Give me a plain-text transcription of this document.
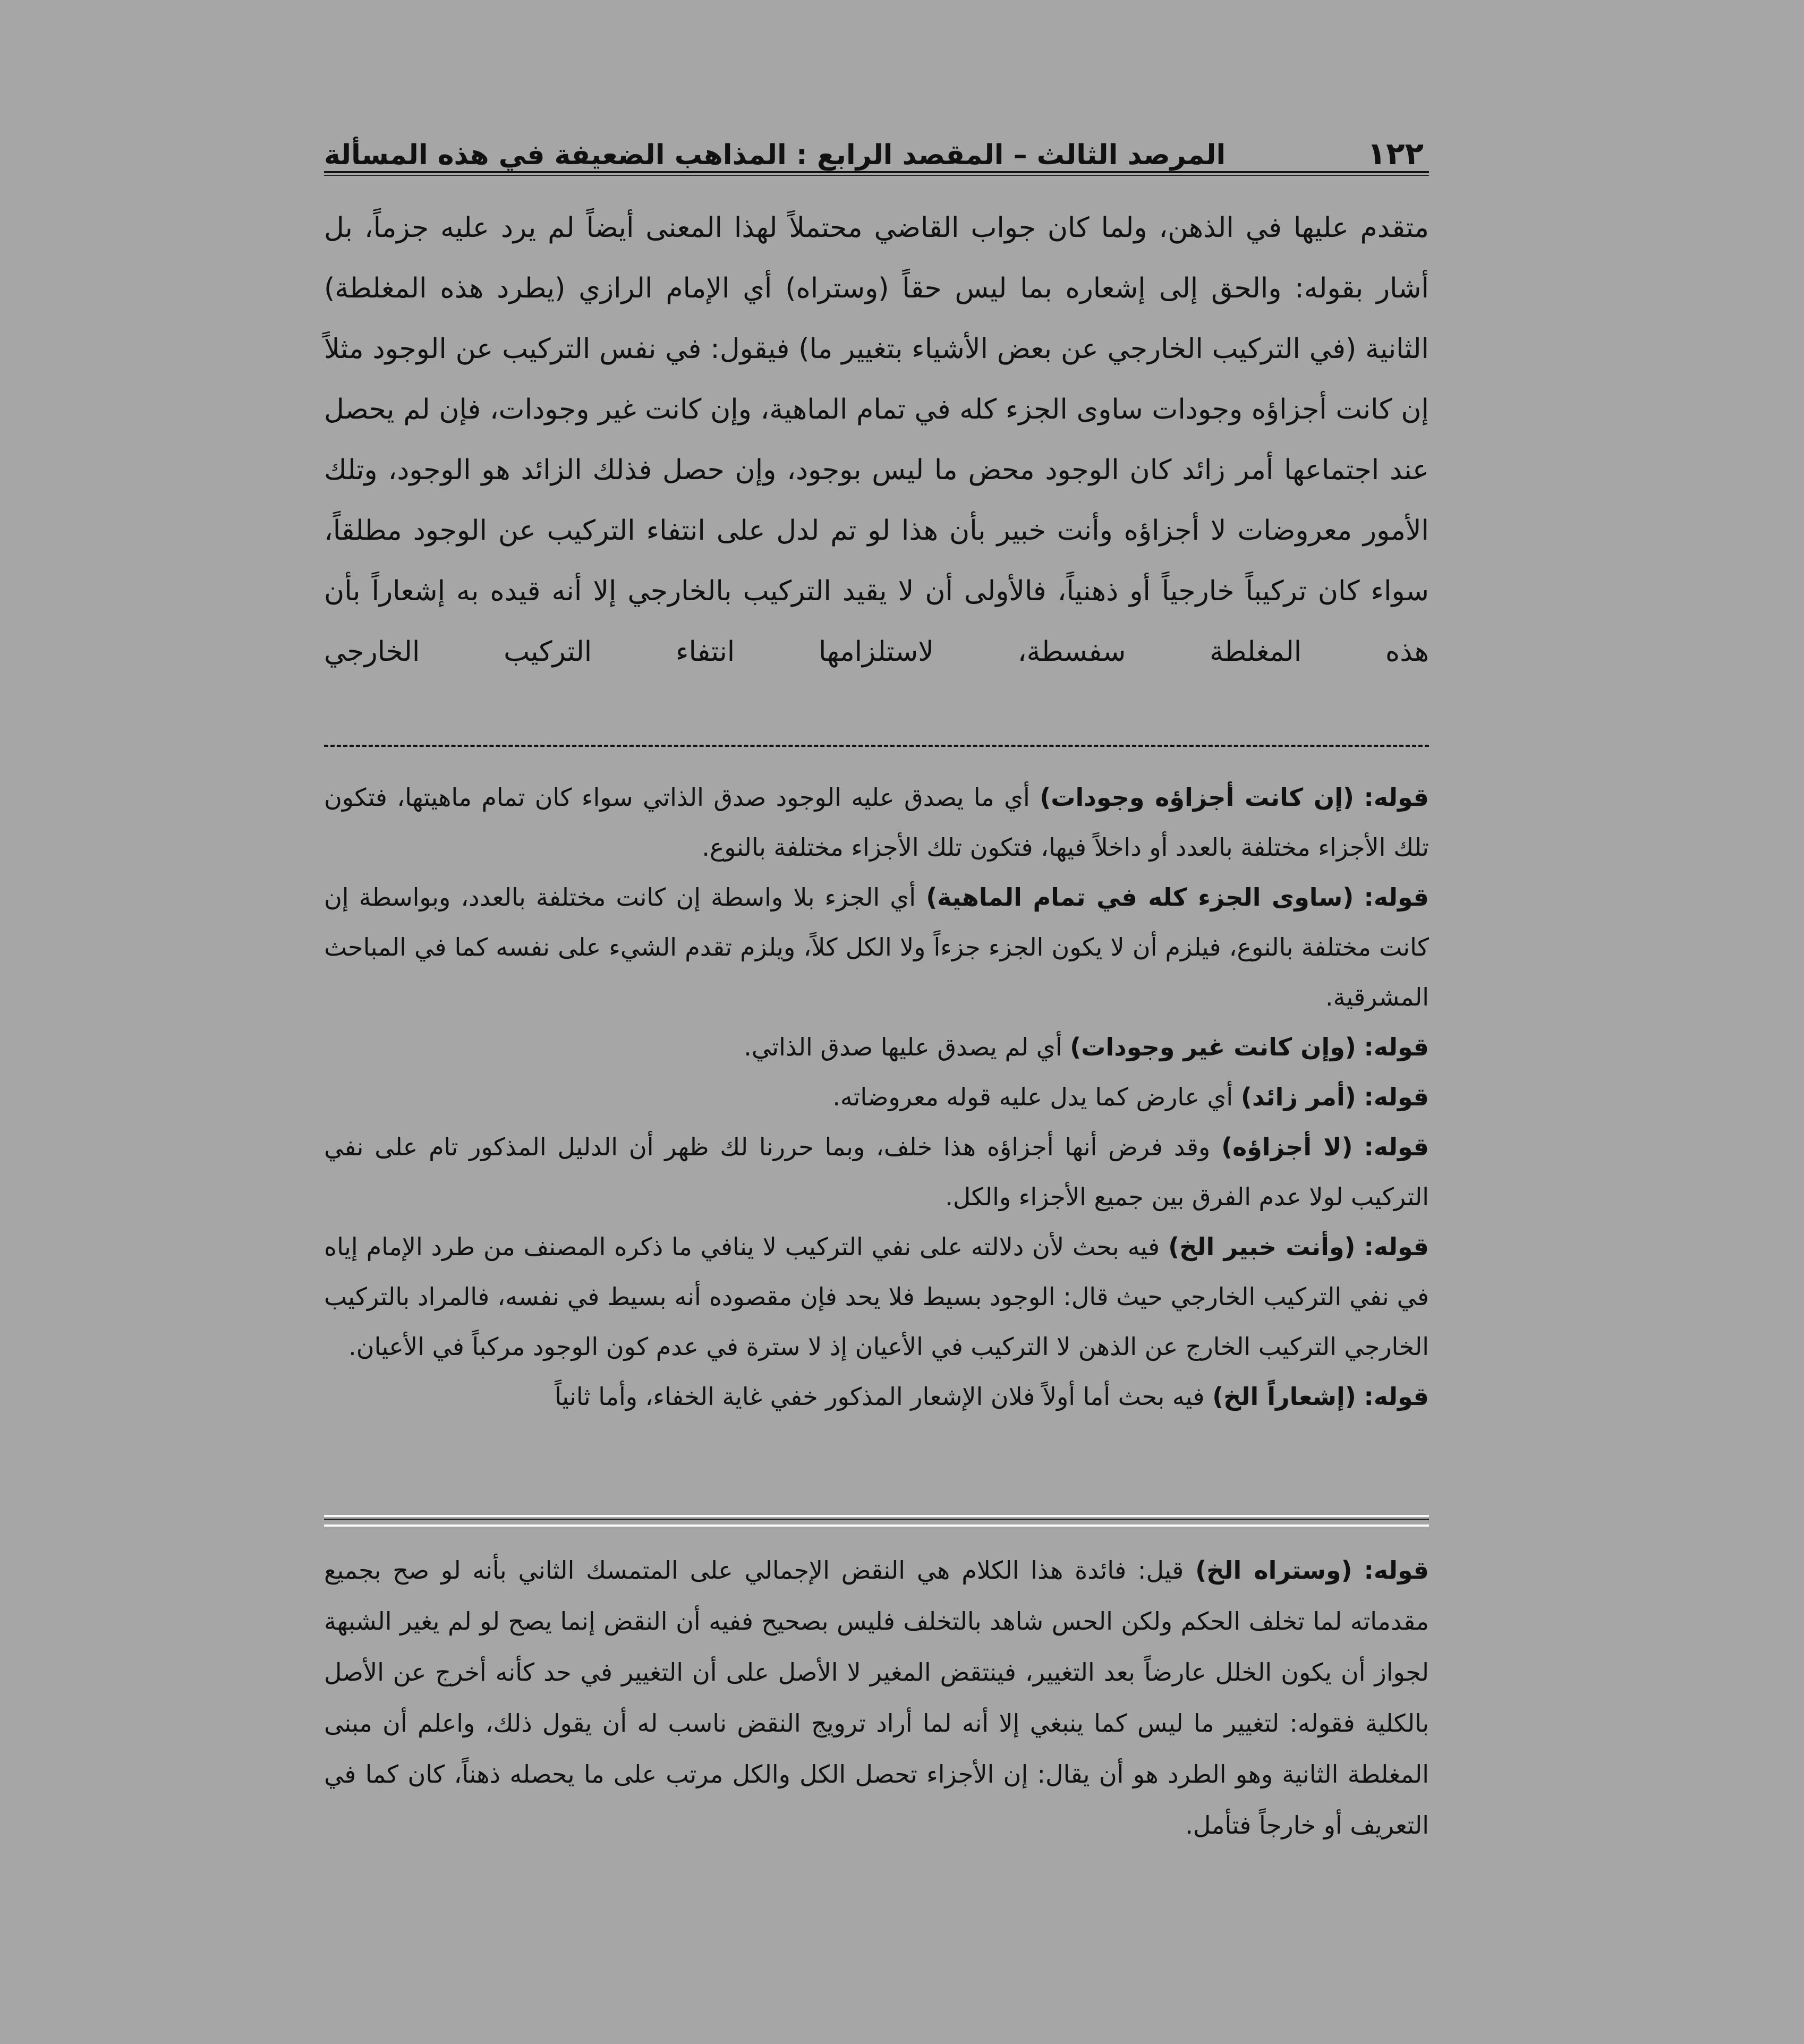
١٢٢
المرصد الثالث – المقصد الرابع : المذاهب الضعيفة في هذه المسألة

متقدم عليها في الذهن، ولما كان جواب القاضي محتملاً لهذا المعنى أيضاً لم يرد عليه جزماً، بل أشار بقوله: والحق إلى إشعاره بما ليس حقاً (وستراه) أي الإمام الرازي (يطرد هذه المغلطة) الثانية (في التركيب الخارجي عن بعض الأشياء بتغيير ما) فيقول: في نفس التركيب عن الوجود مثلاً إن كانت أجزاؤه وجودات ساوى الجزء كله في تمام الماهية، وإن كانت غير وجودات، فإن لم يحصل عند اجتماعها أمر زائد كان الوجود محض ما ليس بوجود، وإن حصل فذلك الزائد هو الوجود، وتلك الأمور معروضات لا أجزاؤه وأنت خبير بأن هذا لو تم لدل على انتفاء التركيب عن الوجود مطلقاً، سواء كان تركيباً خارجياً أو ذهنياً، فالأولى أن لا يقيد التركيب بالخارجي إلا أنه قيده به إشعاراً بأن هذه المغلطة سفسطة، لاستلزامها انتفاء التركيب الخارجي

قوله: (إن كانت أجزاؤه وجودات) أي ما يصدق عليه الوجود صدق الذاتي سواء كان تمام ماهيتها، فتكون تلك الأجزاء مختلفة بالعدد أو داخلاً فيها، فتكون تلك الأجزاء مختلفة بالنوع.

قوله: (ساوى الجزء كله في تمام الماهية) أي الجزء بلا واسطة إن كانت مختلفة بالعدد، وبواسطة إن كانت مختلفة بالنوع، فيلزم أن لا يكون الجزء جزءاً ولا الكل كلاً، ويلزم تقدم الشيء على نفسه كما في المباحث المشرقية.

قوله: (وإن كانت غير وجودات) أي لم يصدق عليها صدق الذاتي.

قوله: (أمر زائد) أي عارض كما يدل عليه قوله معروضاته.

قوله: (لا أجزاؤه) وقد فرض أنها أجزاؤه هذا خلف، وبما حررنا لك ظهر أن الدليل المذكور تام على نفي التركيب لولا عدم الفرق بين جميع الأجزاء والكل.

قوله: (وأنت خبير الخ) فيه بحث لأن دلالته على نفي التركيب لا ينافي ما ذكره المصنف من طرد الإمام إياه في نفي التركيب الخارجي حيث قال: الوجود بسيط فلا يحد فإن مقصوده أنه بسيط في نفسه، فالمراد بالتركيب الخارجي التركيب الخارج عن الذهن لا التركيب في الأعيان إذ لا سترة في عدم كون الوجود مركباً في الأعيان.

قوله: (إشعاراً الخ) فيه بحث أما أولاً فلان الإشعار المذكور خفي غاية الخفاء، وأما ثانياً

قوله: (وستراه الخ) قيل: فائدة هذا الكلام هي النقض الإجمالي على المتمسك الثاني بأنه لو صح بجميع مقدماته لما تخلف الحكم ولكن الحس شاهد بالتخلف فليس بصحيح ففيه أن النقض إنما يصح لو لم يغير الشبهة لجواز أن يكون الخلل عارضاً بعد التغيير، فينتقض المغير لا الأصل على أن التغيير في حد كأنه أخرج عن الأصل بالكلية فقوله: لتغيير ما ليس كما ينبغي إلا أنه لما أراد ترويج النقض ناسب له أن يقول ذلك، واعلم أن مبنى المغلطة الثانية وهو الطرد هو أن يقال: إن الأجزاء تحصل الكل والكل مرتب على ما يحصله ذهناً، كان كما في التعريف أو خارجاً فتأمل.
